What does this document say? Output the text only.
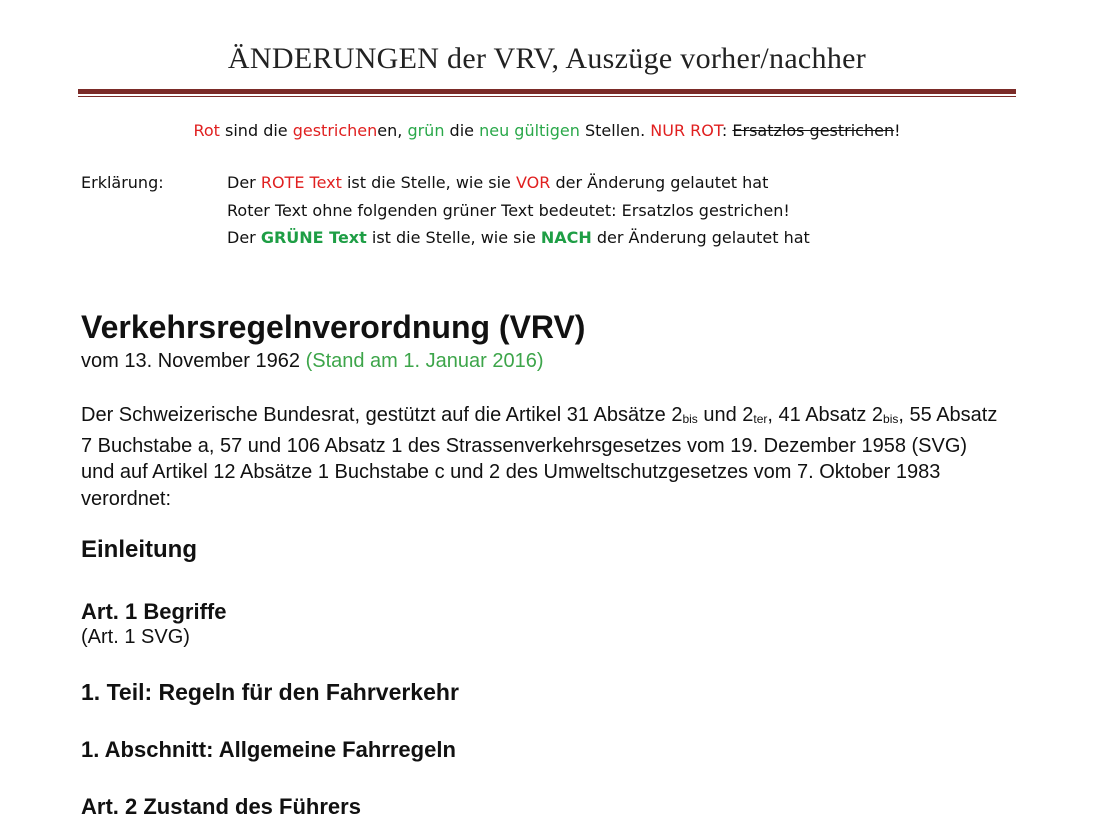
ÄNDERUNGEN der VRV, Auszüge vorher/nachher
Rot sind die gestrichenen, grün die neu gültigen Stellen. NUR ROT: Ersatzlos gestrichen!
Erklärung:	Der ROTE Text ist die Stelle, wie sie VOR der Änderung gelautet hat
Roter Text ohne folgenden grüner Text bedeutet: Ersatzlos gestrichen!
Der GRÜNE Text ist die Stelle, wie sie NACH der Änderung gelautet hat
Verkehrsregelnverordnung (VRV)
vom 13. November 1962 (Stand am 1. Januar 2016)
Der Schweizerische Bundesrat, gestützt auf die Artikel 31 Absätze $2_{bis}$ und $2_{ter}$, 41 Absatz $2_{bis}$, 55 Absatz 7 Buchstabe a, 57 und 106 Absatz 1 des Strassenverkehrsgesetzes vom 19. Dezember 1958 (SVG) und auf Artikel 12 Absätze 1 Buchstabe c und 2 des Umweltschutzgesetzes vom 7. Oktober 1983 verordnet:
Einleitung
Art. 1 Begriffe
(Art. 1 SVG)
1. Teil: Regeln für den Fahrverkehr
1. Abschnitt: Allgemeine Fahrregeln
Art. 2 Zustand des Führers
